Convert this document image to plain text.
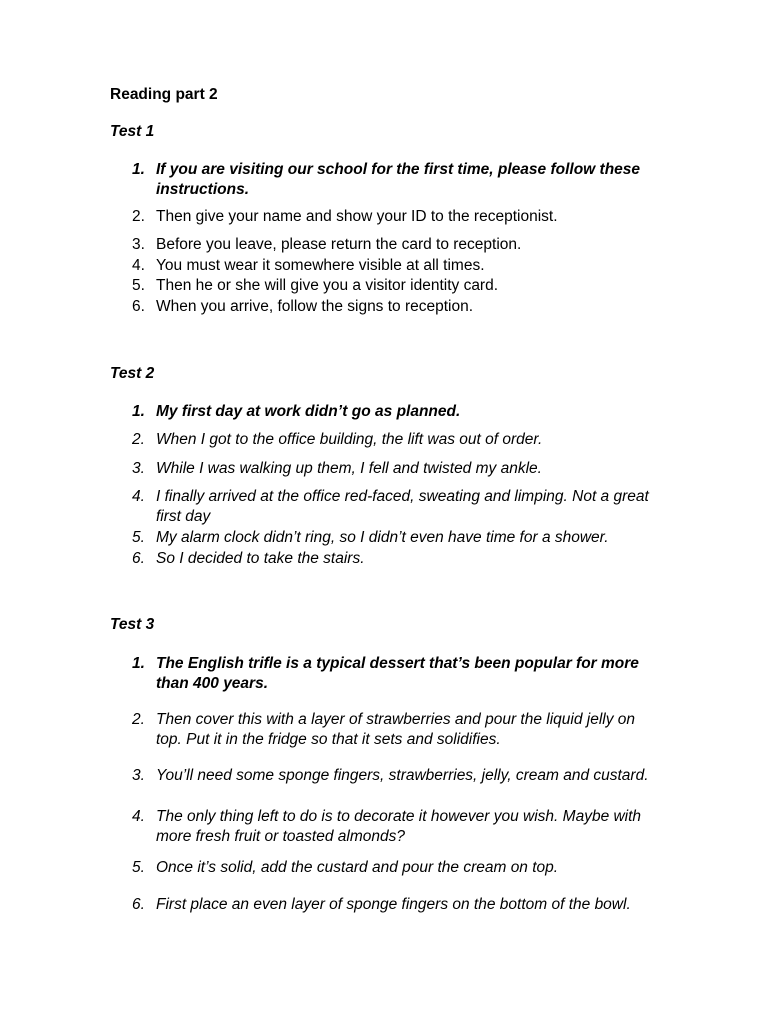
Reading part 2
Test 1
1. If you are visiting our school for the first time, please follow these instructions.
2. Then give your name and show your ID to the receptionist.
3. Before you leave, please return the card to reception.
4. You must wear it somewhere visible at all times.
5. Then he or she will give you a visitor identity card.
6. When you arrive, follow the signs to reception.
Test 2
1. My first day at work didn’t go as planned.
2. When I got to the office building, the lift was out of order.
3. While I was walking up them, I fell and twisted my ankle.
4. I finally arrived at the office red-faced, sweating and limping. Not a great first day
5. My alarm clock didn’t ring, so I didn’t even have time for a shower.
6. So I decided to take the stairs.
Test 3
1. The English trifle is a typical dessert that’s been popular for more than 400 years.
2. Then cover this with a layer of strawberries and pour the liquid jelly on top. Put it in the fridge so that it sets and solidifies.
3. You’ll need some sponge fingers, strawberries, jelly, cream and custard.
4. The only thing left to do is to decorate it however you wish. Maybe with more fresh fruit or toasted almonds?
5. Once it’s solid, add the custard and pour the cream on top.
6. First place an even layer of sponge fingers on the bottom of the bowl.
